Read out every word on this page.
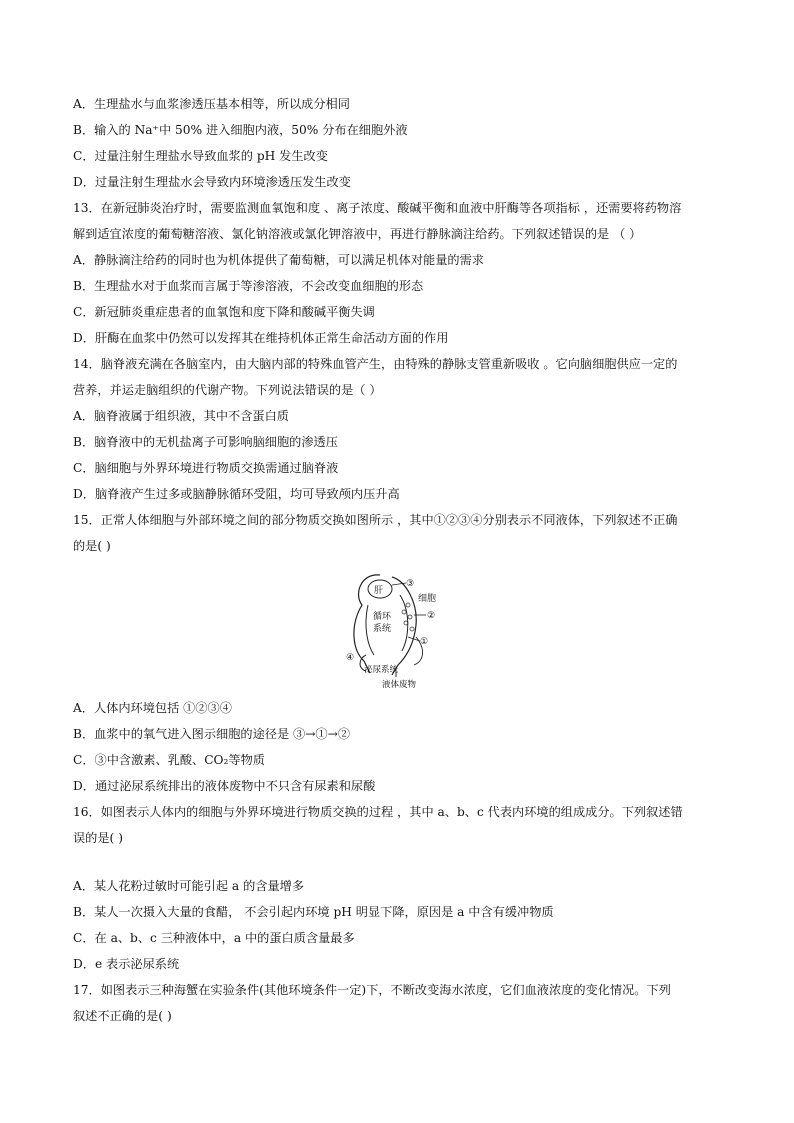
A．生理盐水与血浆渗透压基本相等，所以成分相同
B．输入的 Na⁺中 50% 进入细胞内液，50% 分布在细胞外液
C．过量注射生理盐水导致血浆的 pH 发生改变
D．过量注射生理盐水会导致内环境渗透压发生改变
13．在新冠肺炎治疗时，需要监测血氧饱和度 、离子浓度、酸碱平衡和血液中肝酶等各项指标 ，还需要将药物溶
解到适宜浓度的葡萄糖溶液、氯化钠溶液或氯化钾溶液中，再进行静脉滴注给药。下列叙述错误的是 （ ）
A．静脉滴注给药的同时也为机体提供了葡萄糖，可以满足机体对能量的需求
B．生理盐水对于血浆而言属于等渗溶液，不会改变血细胞的形态
C．新冠肺炎重症患者的血氧饱和度下降和酸碱平衡失调
D．肝酶在血浆中仍然可以发挥其在维持机体正常生命活动方面的作用
14．脑脊液充满在各脑室内，由大脑内部的特殊血管产生，由特殊的静脉支管重新吸收 。它向脑细胞供应一定的
营养，并运走脑组织的代谢产物。下列说法错误的是（ ）
A．脑脊液属于组织液，其中不含蛋白质
B．脑脊液中的无机盐离子可影响脑细胞的渗透压
C．脑细胞与外界环境进行物质交换需通过脑脊液
D．脑脊液产生过多或脑静脉循环受阻，均可导致颅内压升高
15．正常人体细胞与外部环境之间的部分物质交换如图所示 ，其中①②③④分别表示不同液体，下列叙述不正确
的是( )
肝
③
细胞
②
循环
系统
①
④
泌尿系统
液体废物
A．人体内环境包括 ①②③④
B．血浆中的氧气进入图示细胞的途径是 ③→①→②
C．③中含激素、乳酸、CO₂等物质
D．通过泌尿系统排出的液体废物中不只含有尿素和尿酸
16．如图表示人体内的细胞与外界环境进行物质交换的过程 ，其中 a、b、c 代表内环境的组成成分。下列叙述错
误的是( )
A．某人花粉过敏时可能引起 a 的含量增多
B．某人一次摄入大量的食醋， 不会引起内环境 pH 明显下降，原因是 a 中含有缓冲物质
C．在 a、b、c 三种液体中，a 中的蛋白质含量最多
D．e 表示泌尿系统
17．如图表示三种海蟹在实验条件(其他环境条件一定)下，不断改变海水浓度，它们血液浓度的变化情况。下列
叙述不正确的是( )
